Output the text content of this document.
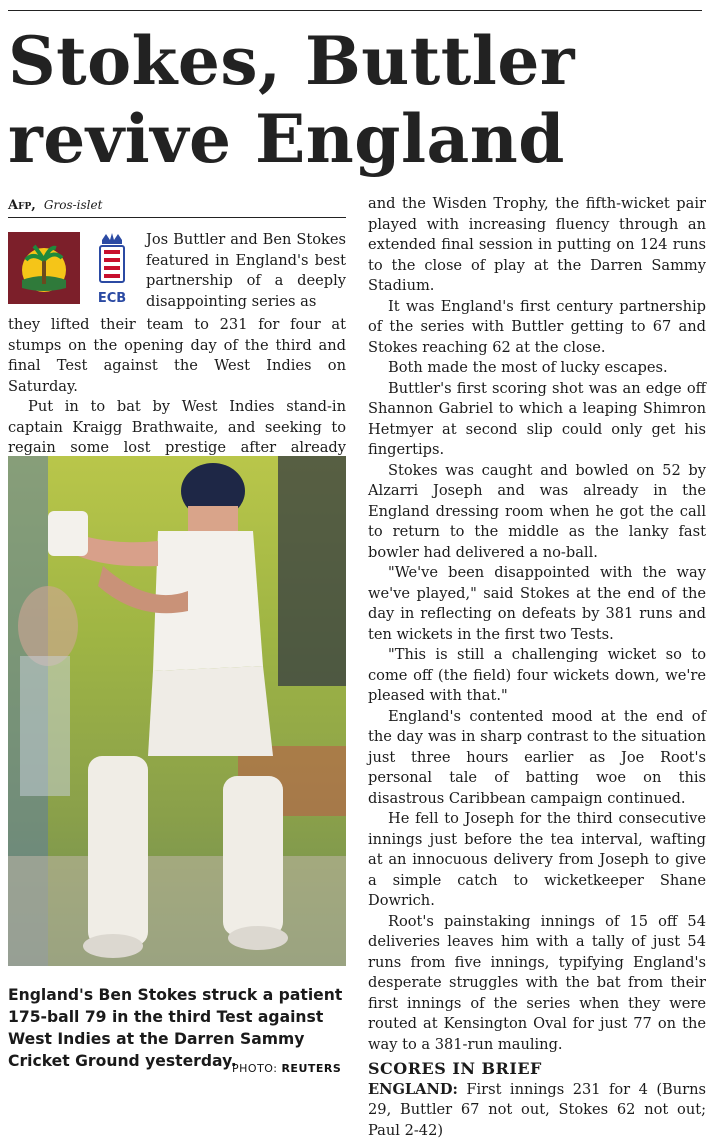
Stokes, Buttler revive England
Afp, Gros-islet
ECB

Jos Buttler and Ben Stokes featured in England's best partnership of a deeply disappointing series as

they lifted their team to 231 for four at stumps on the opening day of the third and final Test against the West Indies on Saturday.

Put in to bat by West Indies stand-in captain Kraigg Brathwaite, and seeking to regain some lost prestige after already

England's Ben Stokes struck a patient 175-ball 79 in the third Test against West Indies at the Darren Sammy Cricket Ground yesterday.
PHOTO: REUTERS

and the Wisden Trophy, the fifth-wicket pair played with increasing fluency through an extended final session in putting on 124 runs to the close of play at the Darren Sammy Stadium.

It was England's first century partnership of the series with Buttler getting to 67 and Stokes reaching 62 at the close.

Both made the most of lucky escapes.

Buttler's first scoring shot was an edge off Shannon Gabriel to which a leaping Shimron Hetmyer at second slip could only get his fingertips.

Stokes was caught and bowled on 52 by Alzarri Joseph and was already in the England dressing room when he got the call to return to the middle as the lanky fast bowler had delivered a no-ball.

"We've been disappointed with the way we've played," said Stokes at the end of the day in reflecting on defeats by 381 runs and ten wickets in the first two Tests.

"This is still a challenging wicket so to come off (the field) four wickets down, we're pleased with that."

England's contented mood at the end of the day was in sharp contrast to the situation just three hours earlier as Joe Root's personal tale of batting woe on this disastrous Caribbean campaign continued.

He fell to Joseph for the third consecutive innings just before the tea interval, wafting at an innocuous delivery from Joseph to give a simple catch to wicketkeeper Shane Dowrich.

Root's painstaking innings of 15 off 54 deliveries leaves him with a tally of just 54 runs from five innings, typifying England's desperate struggles with the bat from their first innings of the series when they were routed at Kensington Oval for just 77 on the way to a 381-run mauling.

SCORES IN BRIEF

ENGLAND: First innings 231 for 4 (Burns 29, Buttler 67 not out, Stokes 62 not out; Paul 2-42)
